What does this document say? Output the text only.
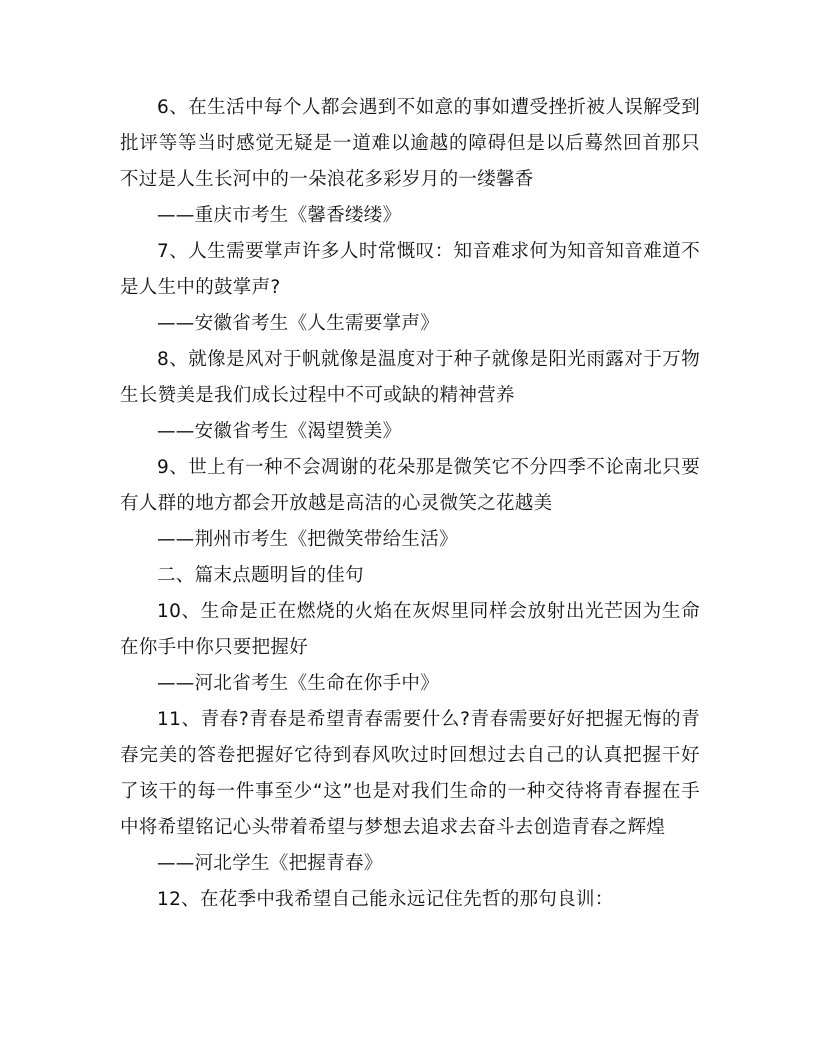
6、在生活中每个人都会遇到不如意的事如遭受挫折被人误解受到批评等等当时感觉无疑是一道难以逾越的障碍但是以后蓦然回首那只不过是人生长河中的一朵浪花多彩岁月的一缕馨香

——重庆市考生《馨香缕缕》

7、人生需要掌声许多人时常慨叹：知音难求何为知音知音难道不是人生中的鼓掌声?

——安徽省考生《人生需要掌声》

8、就像是风对于帆就像是温度对于种子就像是阳光雨露对于万物生长赞美是我们成长过程中不可或缺的精神营养

——安徽省考生《渴望赞美》

9、世上有一种不会凋谢的花朵那是微笑它不分四季不论南北只要有人群的地方都会开放越是高洁的心灵微笑之花越美

——荆州市考生《把微笑带给生活》

二、篇末点题明旨的佳句

10、生命是正在燃烧的火焰在灰烬里同样会放射出光芒因为生命在你手中你只要把握好

——河北省考生《生命在你手中》

11、青春?青春是希望青春需要什么?青春需要好好把握无悔的青春完美的答卷把握好它待到春风吹过时回想过去自己的认真把握干好了该干的每一件事至少“这”也是对我们生命的一种交待将青春握在手中将希望铭记心头带着希望与梦想去追求去奋斗去创造青春之辉煌

——河北学生《把握青春》

12、在花季中我希望自己能永远记住先哲的那句良训：
